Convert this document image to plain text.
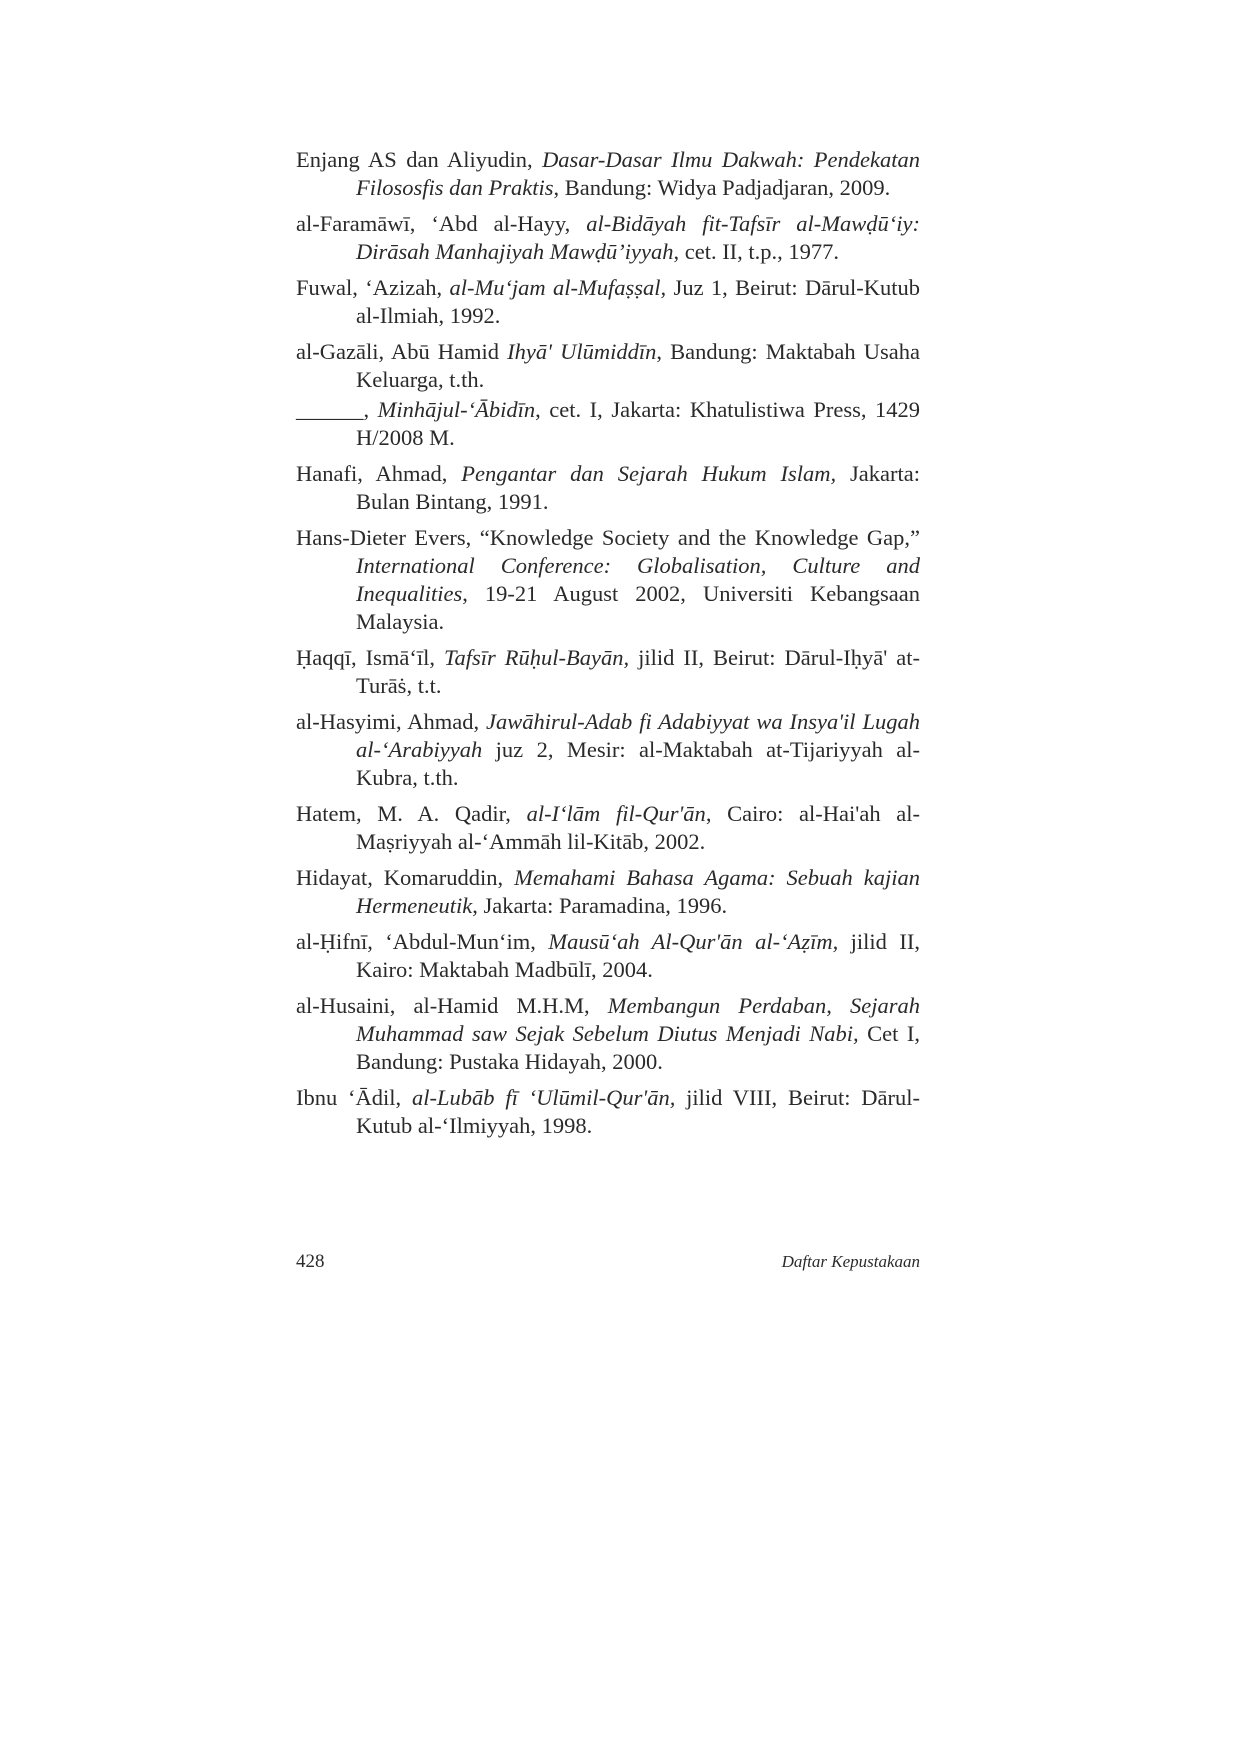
Enjang AS dan Aliyudin, Dasar-Dasar Ilmu Dakwah: Pendekatan Filososfis dan Praktis, Bandung: Widya Padjadjaran, 2009.

al-Faramāwī, ‘Abd al-Hayy, al-Bidāyah fit-Tafsīr al-Mawḍū‘iy: Dirāsah Manhajiyah Mawḍū’iyyah, cet. II, t.p., 1977.

Fuwal, ‘Azizah, al-Mu‘jam al-Mufaṣṣal, Juz 1, Beirut: Dārul-Kutub al-Ilmiah, 1992.

al-Gazāli, Abū Hamid Ihyā' Ulūmiddīn, Bandung: Maktabah Usaha Keluarga, t.th.

______, Minhājul-‘Ābidīn, cet. I, Jakarta: Khatulistiwa Press, 1429 H/2008 M.

Hanafi, Ahmad, Pengantar dan Sejarah Hukum Islam, Jakarta: Bulan Bintang, 1991.

Hans-Dieter Evers, “Knowledge Society and the Knowledge Gap,” International Conference: Globalisation, Culture and Inequalities, 19-21 August 2002, Universiti Kebangsaan Malaysia.

Ḥaqqī, Ismā‘īl, Tafsīr Rūḥul-Bayān, jilid II, Beirut: Dārul-Iḥyā' at-Turāṡ, t.t.

al-Hasyimi, Ahmad, Jawāhirul-Adab fi Adabiyyat wa Insya'il Lugah al-‘Arabiyyah juz 2, Mesir: al-Maktabah at-Tijariyyah al-Kubra, t.th.

Hatem, M. A. Qadir, al-I‘lām fil-Qur'ān, Cairo: al-Hai'ah al-Maṣriyyah al-‘Ammāh lil-Kitāb, 2002.

Hidayat, Komaruddin, Memahami Bahasa Agama: Sebuah kajian Hermeneutik, Jakarta: Paramadina, 1996.

al-Ḥifnī, ‘Abdul-Mun‘im, Mausū‘ah Al-Qur'ān al-‘Aẓīm, jilid II, Kairo: Maktabah Madbūlī, 2004.

al-Husaini, al-Hamid M.H.M, Membangun Perdaban, Sejarah Muhammad saw Sejak Sebelum Diutus Menjadi Nabi, Cet I, Bandung: Pustaka Hidayah, 2000.

Ibnu ‘Ādil, al-Lubāb fī ‘Ulūmil-Qur'ān, jilid VIII, Beirut: Dārul-Kutub al-‘Ilmiyyah, 1998.

428	Daftar Kepustakaan
